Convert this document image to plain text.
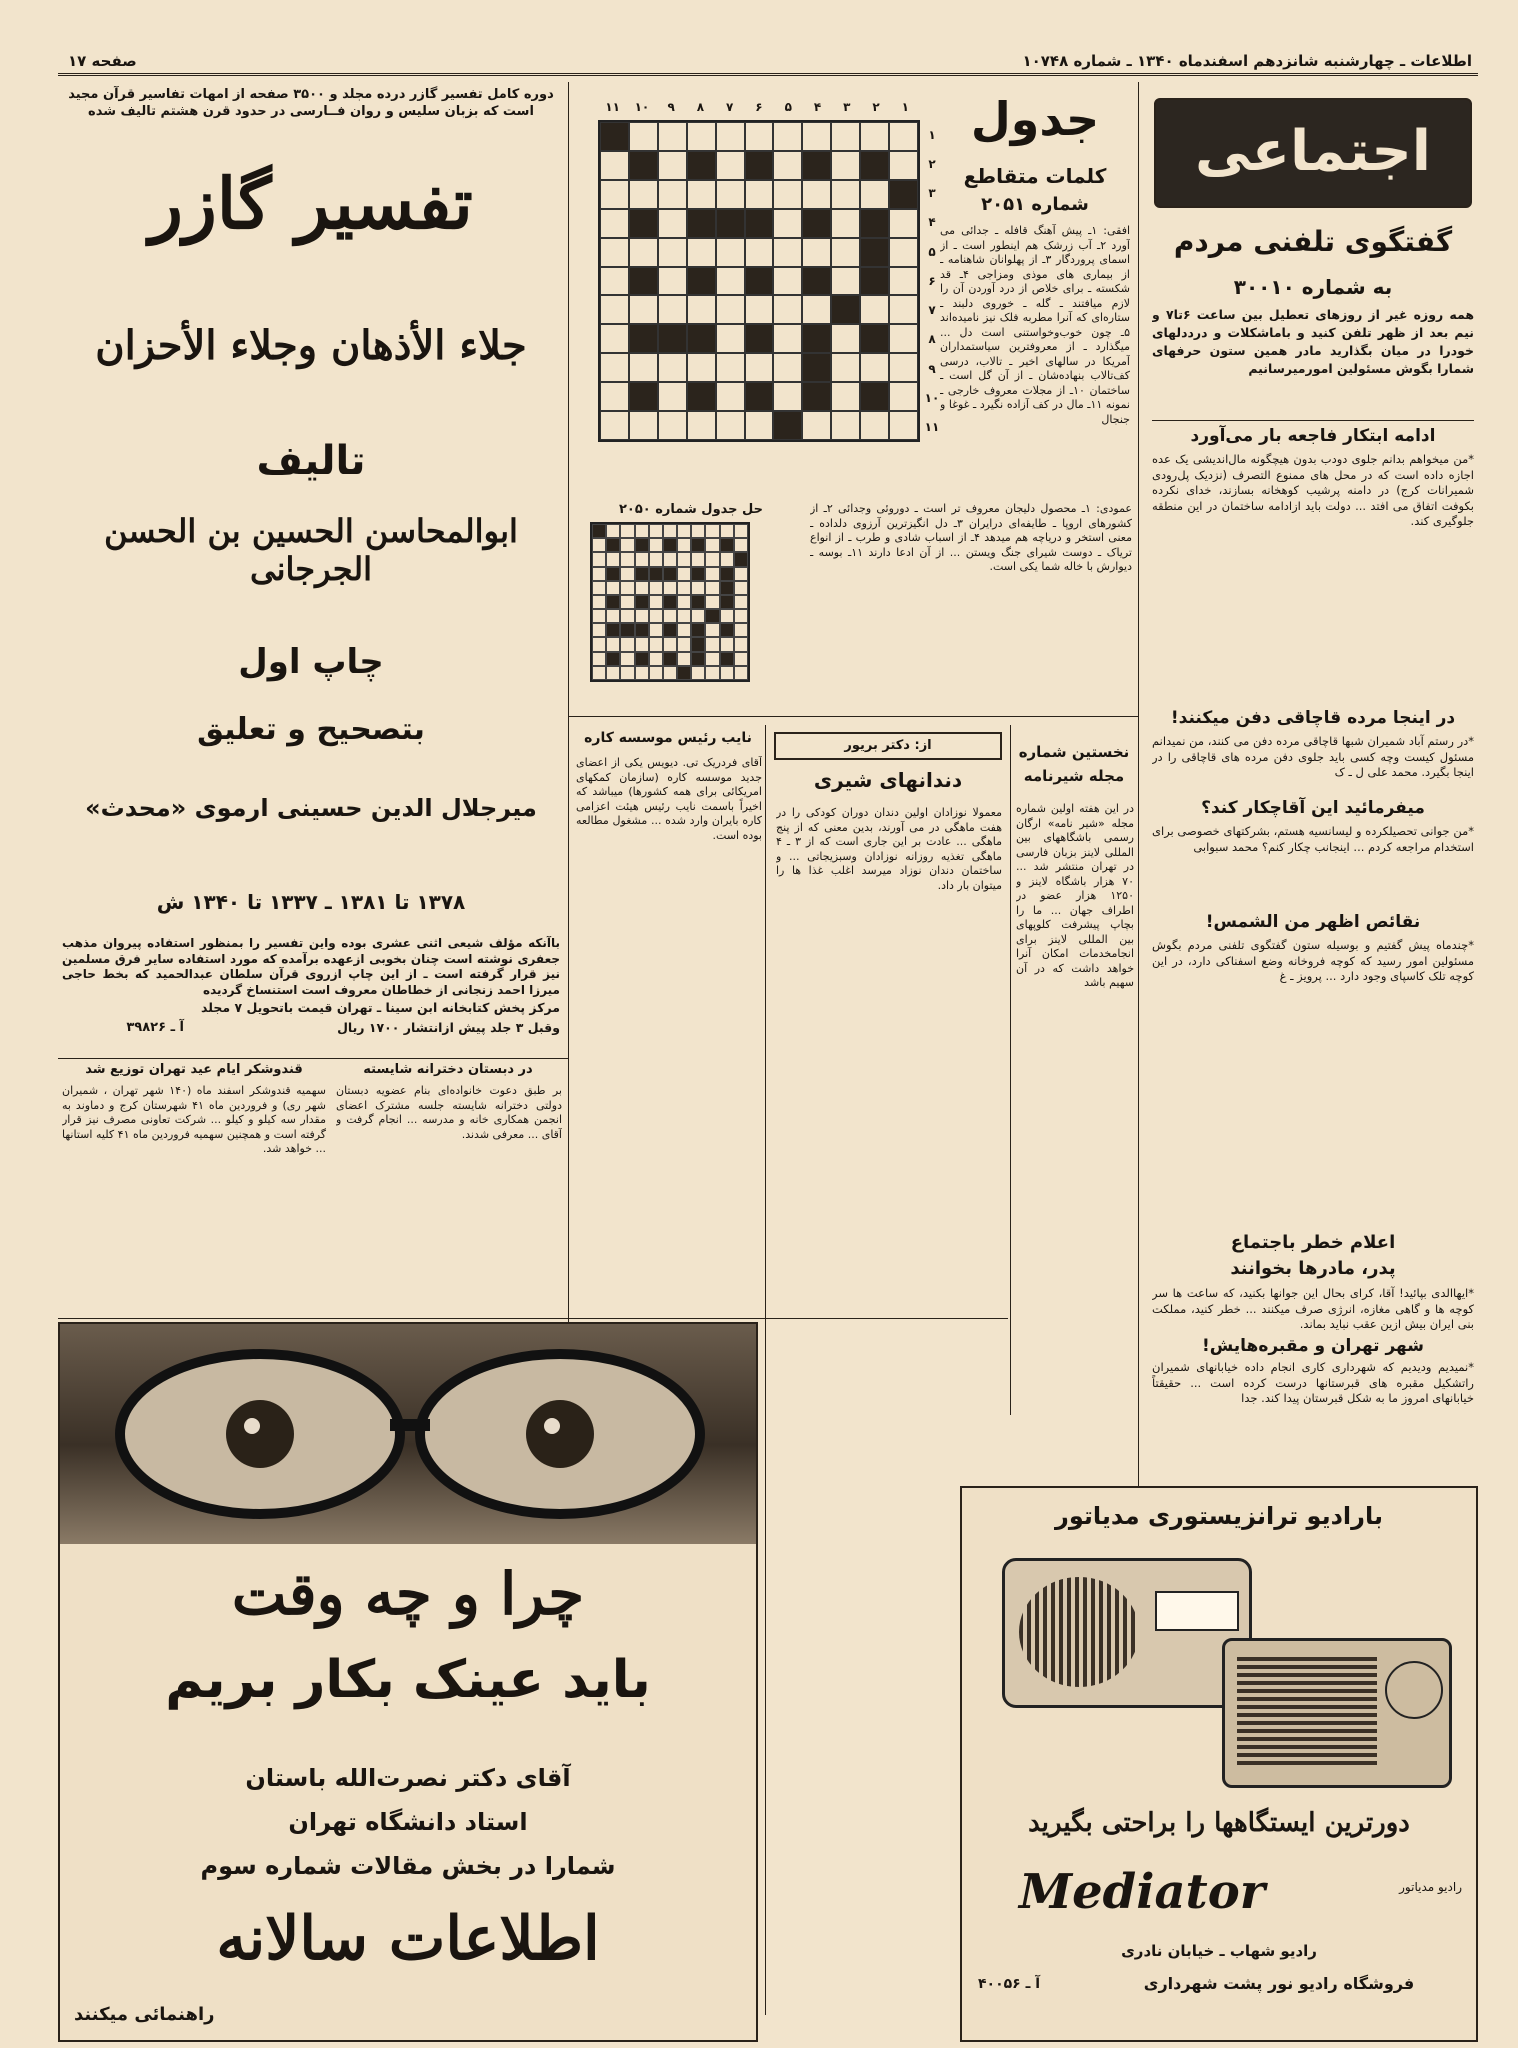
صفحه ۱۷	اطلاعات ـ چهارشنبه شانزدهم اسفندماه ۱۳۴۰ ـ شماره ۱۰۷۴۸
اجتماعی
گفتگوی تلفنی مردم
به شماره ۳۰۰۱۰
همه روزه غیر از روزهای تعطیل بین ساعت ۶تا۷ و نیم بعد از ظهر تلفن کنید و باماشکلات و دردد‌لهای خودرا در میان بگذارید مادر همین ستون حرفهای شمارا بگوش مسئولین امورمیرسانیم
ادامه ابتکار فاجعه بار می‌آورد
*من میخواهم بدانم جلوی دودب بدون هیچگونه مال‌اندیشی یک عده اجازه داده است که در محل های ممنوع التصرف (نزدیک پل‌رودی شمیرانات کرج) در دامنه پرشیب کوهخانه بسازند، خدای نکرده بکوفت اتفاق می افتد ... دولت بايد ازادامه ساختمان در این منطقه جلوگیری کند.
در اینجا مرده قاچاقی دفن میکنند!
*در رستم آباد شمیران شبها قاچاقی مرده دفن می کنند، من نمیدانم مسئول کیست وچه کسی باید جلوی دفن مرده های قاچاقی را در اینجا بگیرد. محمد علی ل ـ ک
میفرمائید این آقاچکار کند؟
*من جوانی تحصیلکرده و لیسانسیه هستم، بشرکتهای خصوصی برای استخدام مراجعه کردم ... اینجانب چکار کنم؟ محمد سبوابی
نقائص اظهر من الشمس!
*چندماه پیش گفتیم و بوسیله ستون گفتگوی تلفنی مردم بگوش مسئولین امور رسید که کوچه فروخانه وضع اسفناکی دارد، در این کوچه تلک کاسپای وجود دارد ... پرویز ـ غ
اعلام خطر باجتماع
پدر، مادرها بخوانند
*ایها‌الدی بپائید! آقا، کرای بحال این جوانها بکنید، که ساعت ها سر کوچه ها و گاهی مغازه، انرژی صرف میکنند ... خطر کنید، مملکت بنی ایران بیش ازين عقب نبايد بماند.
شهر تهران و مقبره‌هایش!
*نمیدیم ودیدیم که شهرداری کاری انجام داده خیابانهای شمیران راتشکیل مقبره های قبرستانها درست کرده است ... حقیقتاً خیابانهای امروز ما به شکل قبرستان پیدا کند. جدا
جدول
کلمات متقاطع
شماره ۲۰۵۱
افقی: ۱ـ پیش آهنگ قافله ـ جدائی می آورد ۲ـ آب زرشک هم اینطور است ـ از اسمای پروردگار ۳ـ از پهلوانان شاهنامه ـ از بیماری های موذی ومزاجی ۴ـ قد شکسته ـ برای خلاص از درد آوردن آن را لازم میافتند ـ گله ـ خوروی دلبند ـ ستاره‌ای که آنرا مطربه فلک نیز نامیده‌اند ۵ـ چون خوب‌وخواستنی است دل ... میگذارد ـ از معروفترین سیاستمداران آمریکا در سالهای اخیر ـ تالاب، درسی کف‌تالاب بنهاده‌شان ـ از آن گل است ـ ساختمان ۱۰ـ از مجلات معروف خارجی ـ نمونه ۱۱ـ مال در کف آزاده نگیرد ـ غوغا و جنجال
۱۱	۱۰	۹	۸	۷	۶	۵	۴	۳	۲	۱
۱
۲
۳
۴
۵
۶
۷
۸
۹
۱۰
۱۱
حل جدول شماره ۲۰۵۰	عمودی: ۱ـ محصول دلیجان معروف تر است ـ دوروئی وجدائی ۲ـ از کشورهای اروپا ـ طایفه‌ای درایران ۳ـ دل انگیزترین آرزوی دلداده ـ معنی استخر و دریاچه هم میدهد ۴ـ از اسباب شادی و طرب ـ از انواع تریاک ـ دوست شیرای جنگ ویستن ... از آن ادعا دارند ۱۱ـ بوسه ـ دیوارش با خاله شما یکی است.
دوره کامل تفسیر گازر درده مجلد و ۳۵۰۰ صفحه از امهات تفاسیر قرآن مجید است که بزبان سلیس و روان فــارسی در حدود قرن هشتم تالیف شده
تفسیر گازر
جلاء الأذهان وجلاء الأحزان
تالیف
ابوالمحاسن الحسین بن الحسن الجرجانی
چاپ اول
بتصحیح و تعلیق
میرجلال الدین حسینی ارموی «محدث»
۱۳۷۸ تا ۱۳۸۱ ـ ۱۳۳۷ تا ۱۳۴۰ ش
باآنکه مؤلف شیعی اثنی عشری بوده واین تفسیر را بمنظور استفاده پیروان مذهب جعفری نوشته است چنان بخوبی ازعهده برآمده که مورد استفاده سایر فرق مسلمین نیز قرار گرفته است ـ از این چاپ ازروی قرآن سلطان عبدالحمید که بخط حاجی میرزا احمد زنجانی از خطاطان معروف است استنساخ گردیده
مرکز پخش کتابخانه ابن سینا ـ تهران قیمت باتحویل ۷ مجلد
وقبل ۳ جلد پیش ازانتشار ۱۷۰۰ ریال
آ ـ ۳۹۸۲۶
قندوشکر ایام عید تهران توزیع شد
سهمیه قندوشکر اسفند ماه (۱۴۰ شهر تهران ، شمیران شهر ری) و فروردین ماه ۴۱ شهرستان کرج و دماوند به مقدار سه کیلو و کیلو ... شرکت تعاونی مصرف نیز قرار گرفته است و همچنین سهمیه فروردین ماه ۴۱ کلیه استانها ... خواهد شد.
در دبستان دخترانه شایسته
بر طبق دعوت خانواده‌ای بنام عضویه دبستان دولتی دخترانه شایسته جلسه مشترک اعضای انجمن همکاری خانه و مدرسه ... انجام گرفت و آقای ... معرفی شدند.
نایب رئیس موسسه کاره
آقای فردریک تی. دیویس یکی از اعضای جدید موسسه کاره (سازمان کمکهای امریکائی برای همه کشورها) میباشد که اخیراً باسمت نایب رئیس هیئت اعزامی کاره بایران وارد شده ... مشغول مطالعه بوده است.
از: دکتر بریور
دندانهای شیری
معمولا نوزادان اولین دندان دوران کودکی را در هفت ماهگی در می آورند، بدین معنی که از پنج ماهگی ... عادت بر این جاری است که از ۳ ـ ۴ ماهگی تغذیه روزانه نوزادان وسبزیجاتی ... و ساختمان دندان نوزاد میرسد اغلب غذا ها را میتوان بار داد.
نخستین شماره مجله شیرنامه
در این هفته اولین شماره مجله «شیر نامه» ارگان رسمی باشگاههای بین المللی لاینز بزبان فارسی در تهران منتشر شد ... ۷۰ هزار باشگاه لاینز و ۱۲۵۰ هزار عضو در اطراف جهان ... ما را بچاپ پیشرفت کلوپهای بین المللی لاینز برای انجامخدمات امکان آنرا خواهد داشت که در آن سهیم باشد
چرا و چه وقت
باید عینک بکار بریم
آقای دکتر نصرت‌الله باستان
استاد دانشگاه تهران
شمارا در بخش مقالات شماره سوم
اطلاعات سالانه
راهنمائی میکنند
باراديو ترانزيستوری مدياتور
دورترین ایستگاهها را براحتی بگیرید
Mediator	رادیو مدیاتور
رادیو شهاب ـ خیابان نادری
فروشگاه رادیو نور پشت شهرداری
آ ـ ۴۰۰۵۶
